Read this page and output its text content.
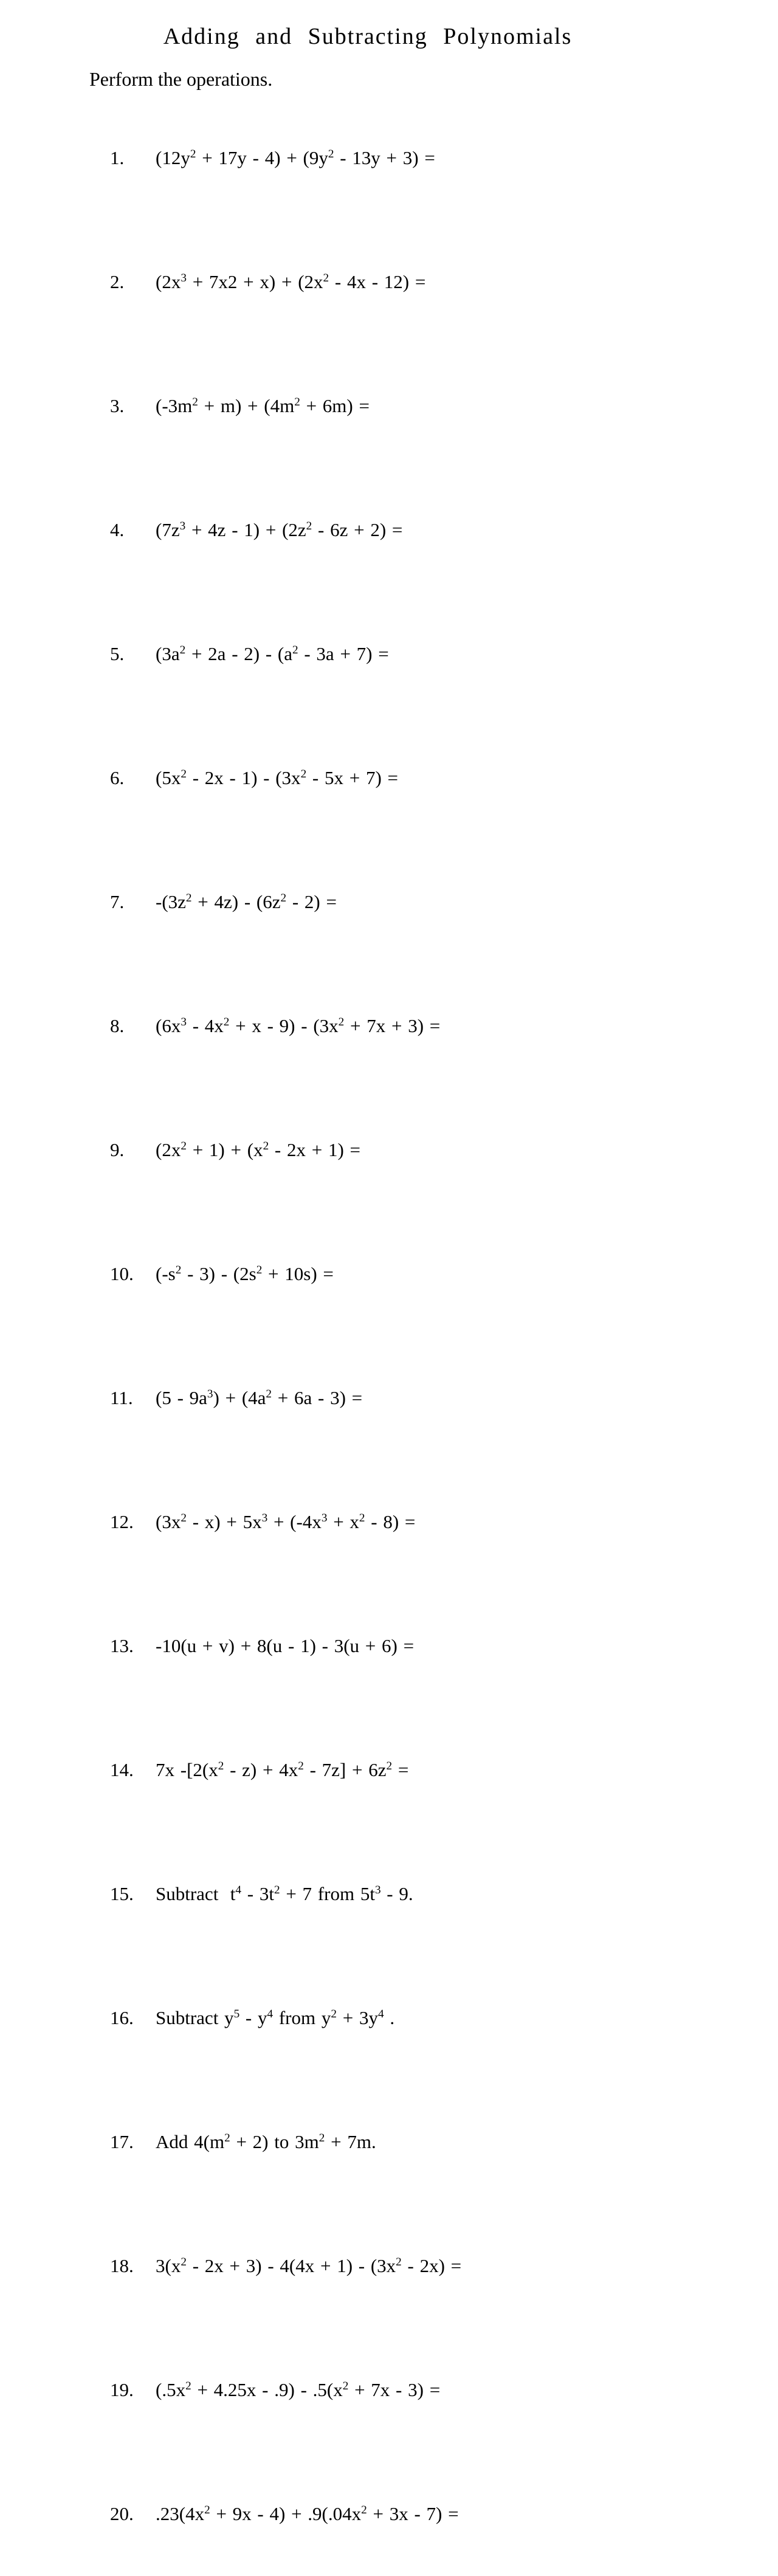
Adding and Subtracting Polynomials
Perform the operations.

1. $(12y^2 + 17y - 4) + (9y^2 - 13y + 3)$ =

2. $(2x^3 + 7x2 + x) + (2x^2 - 4x - 12)$ =

3. $(-3m^2 + m) + (4m^2 + 6m)$ =

4. $(7z^3 + 4z - 1) + (2z^2 - 6z + 2)$ =

5. $(3a^2 + 2a - 2) - (a^2 - 3a + 7)$ =

6. $(5x^2 - 2x - 1) - (3x^2 - 5x + 7)$ =

7. $-(3z^2 + 4z) - (6z^2 - 2)$ =

8. $(6x^3 - 4x^2 + x - 9) - (3x^2 + 7x + 3)$ =

9. $(2x^2 + 1) + (x^2 - 2x + 1)$ =

10. $(-s^2 - 3) - (2s^2 + 10s)$ =

11. $(5 - 9a^3) + (4a^2 + 6a - 3)$ =

12. $(3x^2 - x) + 5x^3 + (-4x^3 + x^2 - 8)$ =

13. -10(u + v) + 8(u - 1) - 3(u + 6) =

14. 7x $-[2(x^2 - z) + 4x^2 - 7z] + 6z^2$ =

15. Subtract  $t^4 - 3t^2 + 7$ from $5t^3 - 9$.

16. Subtract $y^5 - y^4$ from $y^2 + 3y^4$ .

17. Add $4(m^2 + 2)$ to $3m^2 + 7m$.

18. $3(x^2 - 2x + 3) - 4(4x + 1) - (3x^2 - 2x)$ =

19. $(.5x^2 + 4.25x - .9) - .5(x^2 + 7x - 3)$ =

20. $.23(4x^2 + 9x - 4) + .9(.04x^2 + 3x - 7)$ =
